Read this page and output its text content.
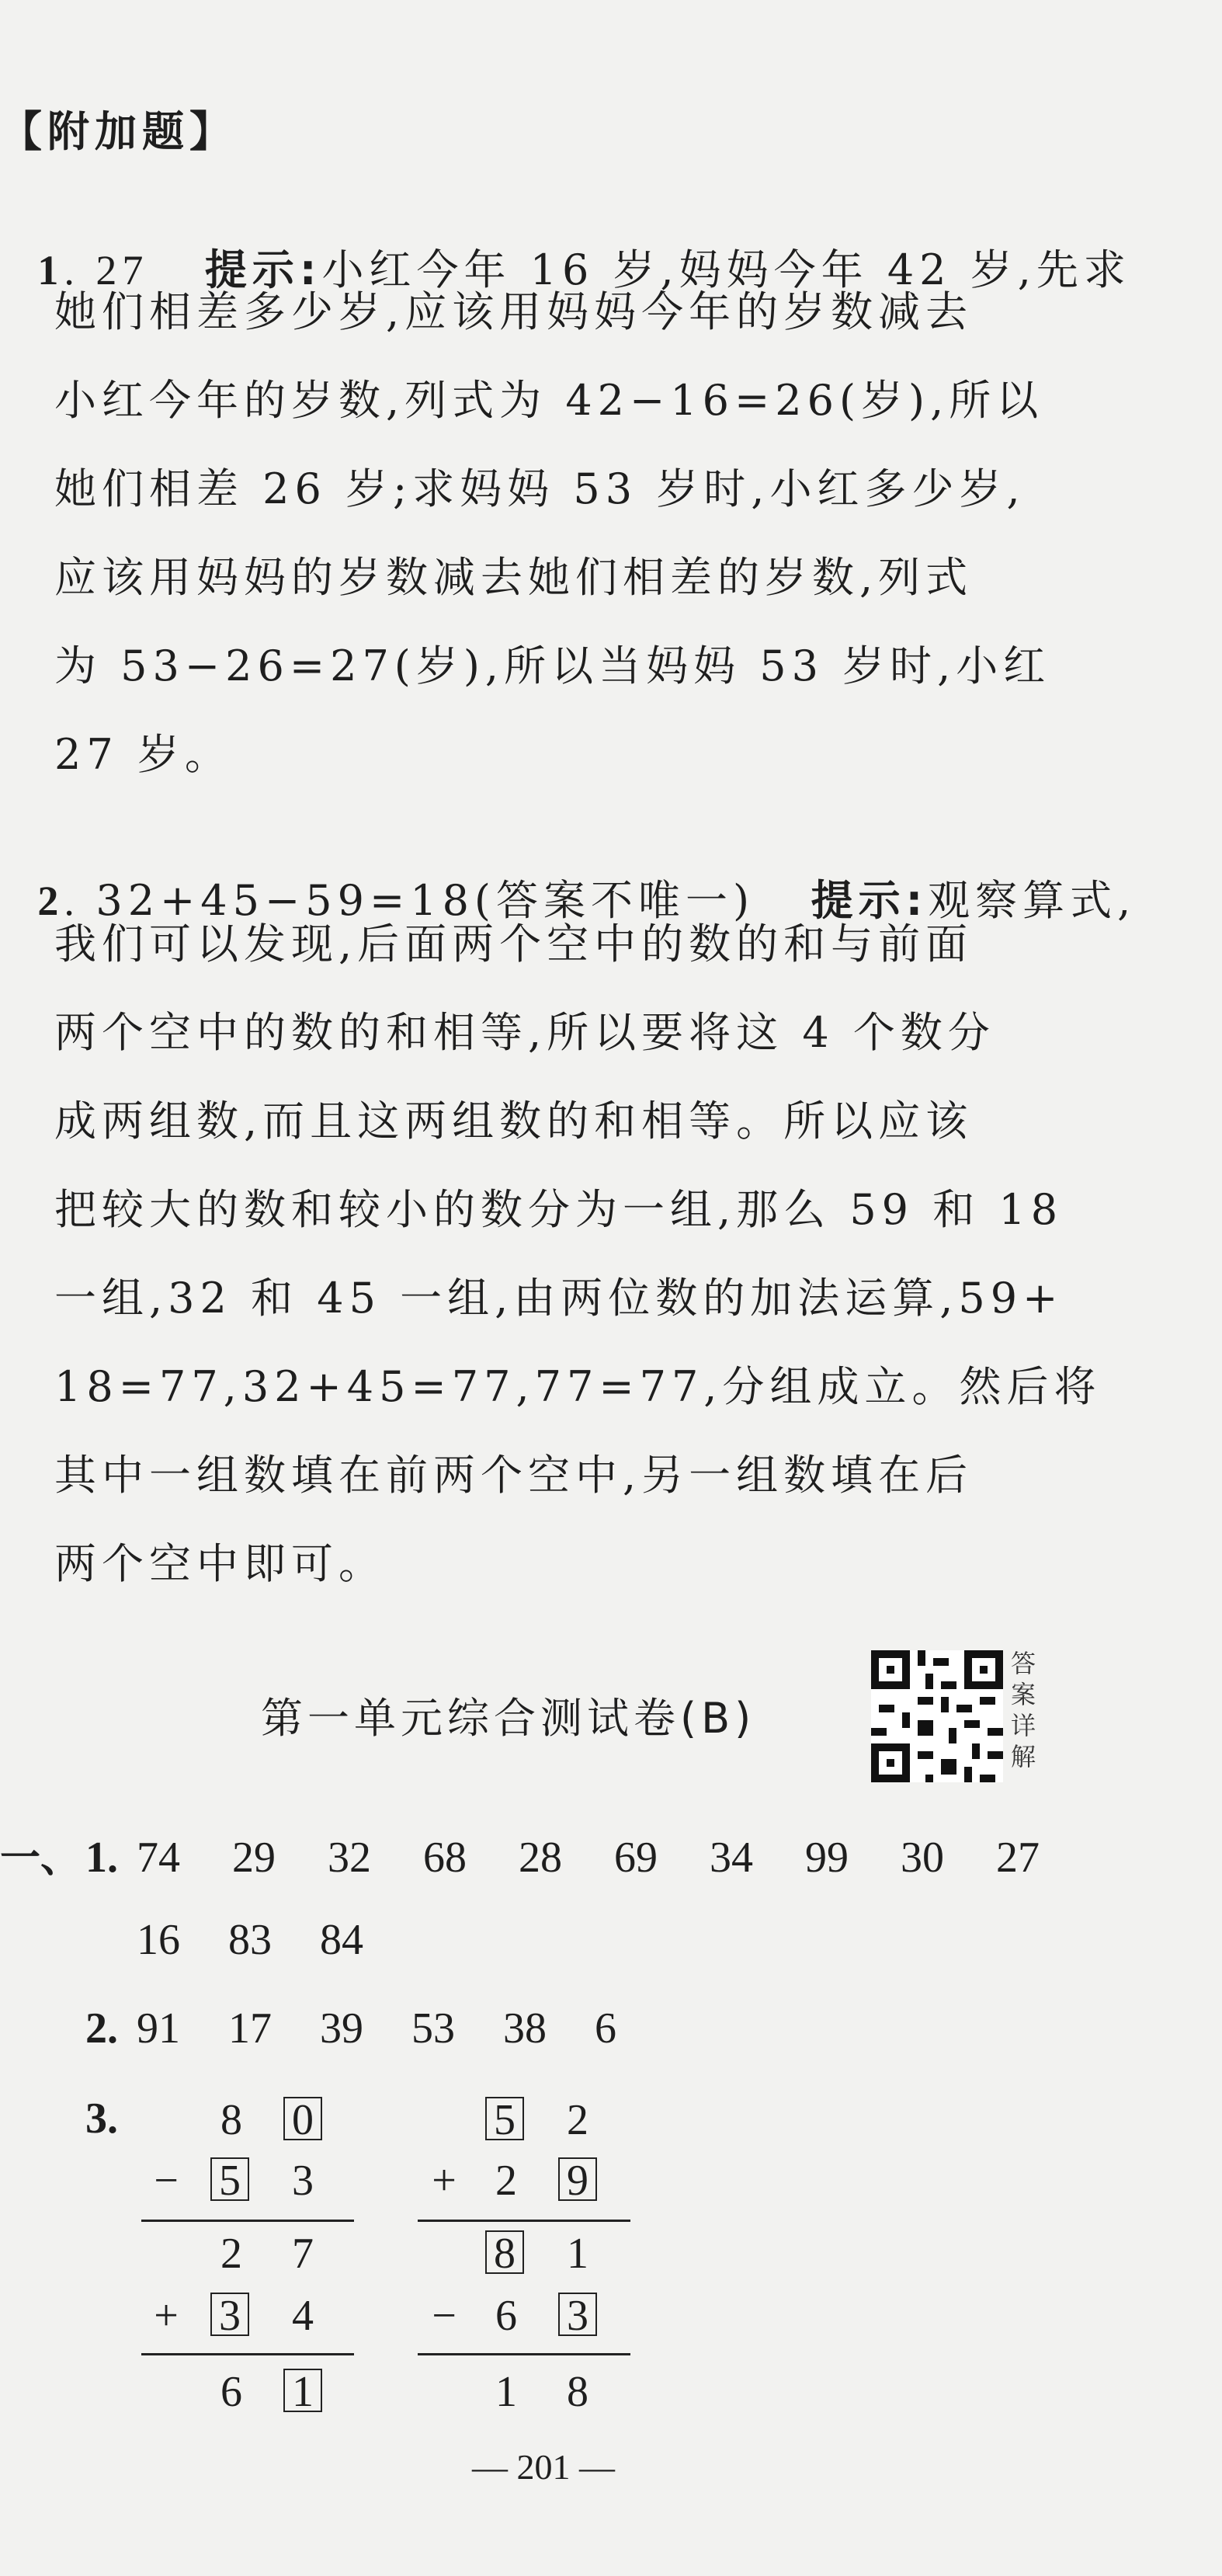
【附加题】

1. 27 提示:小红今年 16 岁,妈妈今年 42 岁,先求

她们相差多少岁,应该用妈妈今年的岁数减去
小红今年的岁数,列式为 42−16=26(岁),所以
她们相差 26 岁;求妈妈 53 岁时,小红多少岁,
应该用妈妈的岁数减去她们相差的岁数,列式
为 53−26=27(岁),所以当妈妈 53 岁时,小红
27 岁。

2. 32+45−59=18(答案不唯一) 提示:观察算式,

我们可以发现,后面两个空中的数的和与前面
两个空中的数的和相等,所以要将这 4 个数分
成两组数,而且这两组数的和相等。所以应该
把较大的数和较小的数分为一组,那么 59 和 18
一组,32 和 45 一组,由两位数的加法运算,59+
18=77,32+45=77,77=77,分组成立。然后将
其中一组数填在前两个空中,另一组数填在后
两个空中即可。
第一单元综合测试卷(B)
答案详解
一、 1. 74 29 32 68 28 69 34 99 30 27
16 83 84
2. 91 17 39 53 38 6
3. 8 0
− 5 3
2 7
+ 3 4
6 1
5 2
+ 2 9
8 1
− 6 3
1 8
— 201 —
